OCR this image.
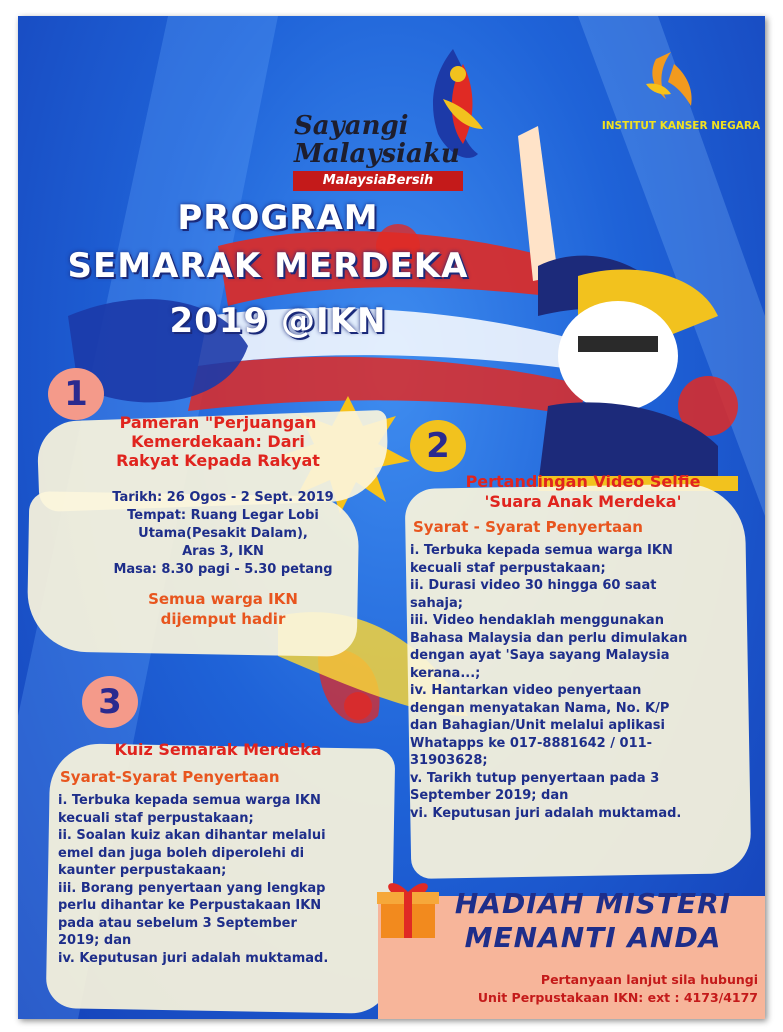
Sayangi
Malaysiaku
MalaysiaBersih
INSTITUT KANSER NEGARA
PROGRAM
SEMARAK MERDEKA
2019 @IKN
1
Pameran "Perjuangan
Kemerdekaan: Dari
Rakyat Kepada Rakyat
Tarikh: 26 Ogos - 2 Sept. 2019
Tempat: Ruang Legar Lobi
Utama(Pesakit Dalam),
Aras 3, IKN
Masa: 8.30 pagi - 5.30 petang
Semua warga IKN
dijemput hadir
2
Pertandingan Video Selfie
'Suara Anak Merdeka'
Syarat - Syarat Penyertaan
i. Terbuka kepada semua warga IKN
kecuali staf perpustakaan;
ii. Durasi video 30 hingga 60 saat
sahaja;
iii. Video hendaklah menggunakan
Bahasa Malaysia dan perlu dimulakan
dengan ayat 'Saya sayang Malaysia
kerana...;
iv. Hantarkan video penyertaan
dengan menyatakan Nama, No. K/P
dan Bahagian/Unit melalui aplikasi
Whatapps ke 017-8881642 / 011-
31903628;
v. Tarikh tutup penyertaan pada 3
September 2019; dan
vi. Keputusan juri adalah muktamad.
3
Kuiz Semarak Merdeka
Syarat-Syarat Penyertaan
i. Terbuka kepada semua warga IKN
kecuali staf perpustakaan;
ii. Soalan kuiz akan dihantar melalui
emel dan juga boleh diperolehi di
kaunter perpustakaan;
iii. Borang penyertaan yang lengkap
perlu dihantar ke Perpustakaan IKN
pada atau sebelum 3 September
2019; dan
iv. Keputusan juri adalah muktamad.
HADIAH MISTERI
MENANTI ANDA
Pertanyaan lanjut sila hubungi
Unit Perpustakaan IKN: ext : 4173/4177
